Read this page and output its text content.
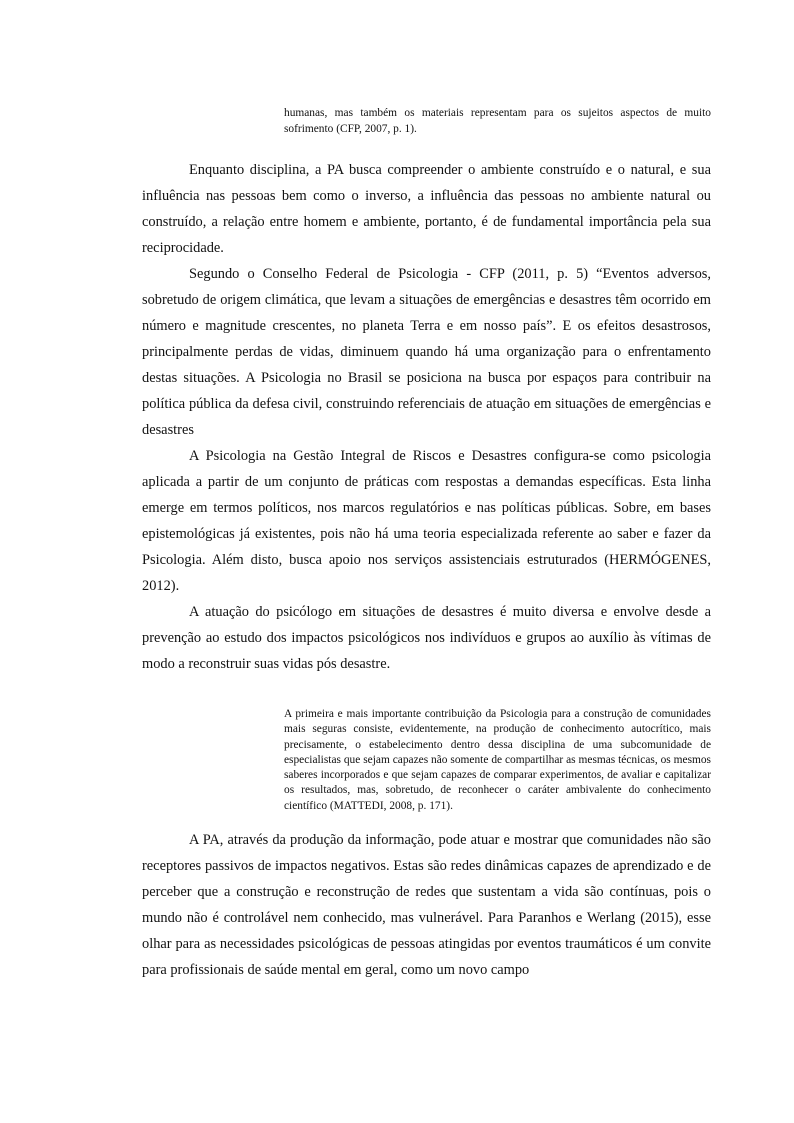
humanas, mas também os materiais representam para os sujeitos aspectos de muito sofrimento (CFP, 2007, p. 1).

Enquanto disciplina, a PA busca compreender o ambiente construído e o natural, e sua influência nas pessoas bem como o inverso, a influência das pessoas no ambiente natural ou construído, a relação entre homem e ambiente, portanto, é de fundamental importância pela sua reciprocidade.

Segundo o Conselho Federal de Psicologia - CFP (2011, p. 5) “Eventos adversos, sobretudo de origem climática, que levam a situações de emergências e desastres têm ocorrido em número e magnitude crescentes, no planeta Terra e em nosso país”. E os efeitos desastrosos, principalmente perdas de vidas, diminuem quando há uma organização para o enfrentamento destas situações. A Psicologia no Brasil se posiciona na busca por espaços para contribuir na política pública da defesa civil, construindo referenciais de atuação em situações de emergências e desastres

A Psicologia na Gestão Integral de Riscos e Desastres configura-se como psicologia aplicada a partir de um conjunto de práticas com respostas a demandas específicas. Esta linha emerge em termos políticos, nos marcos regulatórios e nas políticas públicas. Sobre, em bases epistemológicas já existentes, pois não há uma teoria especializada referente ao saber e fazer da Psicologia. Além disto, busca apoio nos serviços assistenciais estruturados (HERMÓGENES, 2012).

A atuação do psicólogo em situações de desastres é muito diversa e envolve desde a prevenção ao estudo dos impactos psicológicos nos indivíduos e grupos ao auxílio às vítimas de modo a reconstruir suas vidas pós desastre.

A primeira e mais importante contribuição da Psicologia para a construção de comunidades mais seguras consiste, evidentemente, na produção de conhecimento autocrítico, mais precisamente, o estabelecimento dentro dessa disciplina de uma subcomunidade de especialistas que sejam capazes não somente de compartilhar as mesmas técnicas, os mesmos saberes incorporados e que sejam capazes de comparar experimentos, de avaliar e capitalizar os resultados, mas, sobretudo, de reconhecer o caráter ambivalente do conhecimento científico (MATTEDI, 2008, p. 171).

A PA, através da produção da informação, pode atuar e mostrar que comunidades não são receptores passivos de impactos negativos. Estas são redes dinâmicas capazes de aprendizado e de perceber que a construção e reconstrução de redes que sustentam a vida são contínuas, pois o mundo não é controlável nem conhecido, mas vulnerável. Para Paranhos e Werlang (2015), esse olhar para as necessidades psicológicas de pessoas atingidas por eventos traumáticos é um convite para profissionais de saúde mental em geral, como um novo campo
